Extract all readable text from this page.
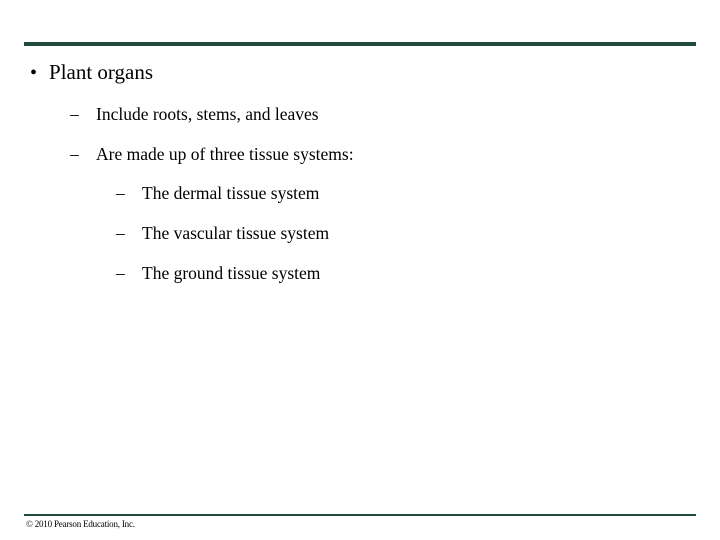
• Plant organs
– Include roots, stems, and leaves
– Are made up of three tissue systems:
– The dermal tissue system
– The vascular tissue system
– The ground tissue system
© 2010 Pearson Education, Inc.
